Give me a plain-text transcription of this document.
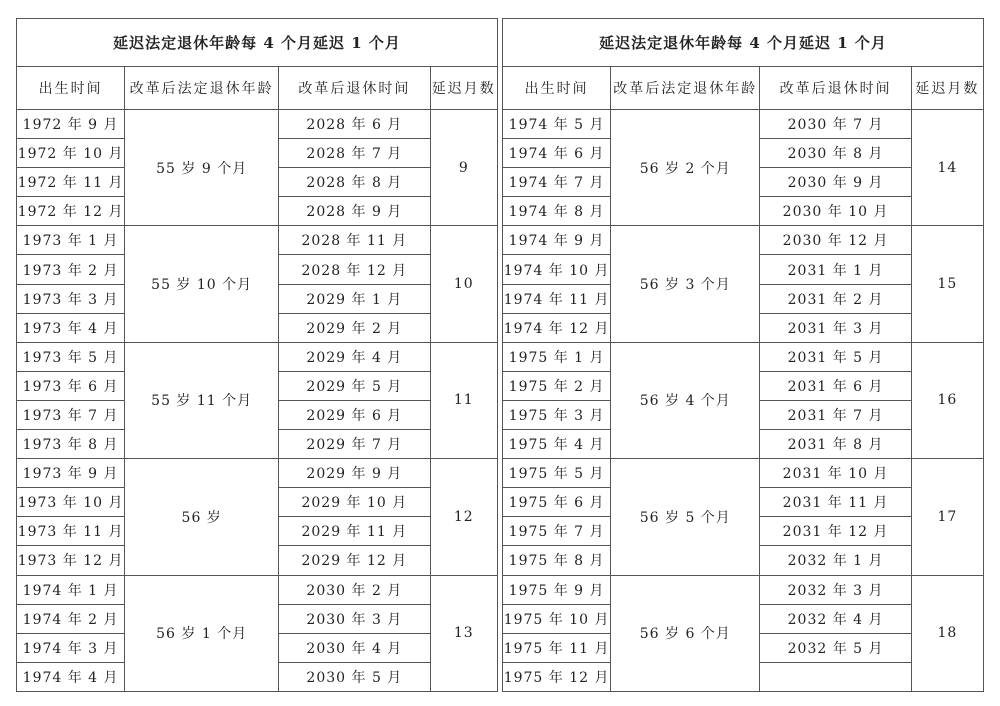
延迟法定退休年龄每 4 个月延迟 1 个月			
出生时间	改革后法定退休年龄	改革后退休时间	延迟月数
1972 年 9 月	55 岁 9 个月	2028 年 6 月	9
1972 年 10 月		2028 年 7 月	
1972 年 11 月		2028 年 8 月	
1972 年 12 月		2028 年 9 月	
1973 年 1 月	55 岁 10 个月	2028 年 11 月	10
1973 年 2 月		2028 年 12 月	
1973 年 3 月		2029 年 1 月	
1973 年 4 月		2029 年 2 月	
1973 年 5 月	55 岁 11 个月	2029 年 4 月	11
1973 年 6 月		2029 年 5 月	
1973 年 7 月		2029 年 6 月	
1973 年 8 月		2029 年 7 月	
1973 年 9 月	56 岁	2029 年 9 月	12
1973 年 10 月		2029 年 10 月	
1973 年 11 月		2029 年 11 月	
1973 年 12 月		2029 年 12 月	
1974 年 1 月	56 岁 1 个月	2030 年 2 月	13
1974 年 2 月		2030 年 3 月	
1974 年 3 月		2030 年 4 月	
1974 年 4 月		2030 年 5 月	
延迟法定退休年龄每 4 个月延迟 1 个月			
出生时间	改革后法定退休年龄	改革后退休时间	延迟月数
1974 年 5 月	56 岁 2 个月	2030 年 7 月	14
1974 年 6 月		2030 年 8 月	
1974 年 7 月		2030 年 9 月	
1974 年 8 月		2030 年 10 月	
1974 年 9 月	56 岁 3 个月	2030 年 12 月	15
1974 年 10 月		2031 年 1 月	
1974 年 11 月		2031 年 2 月	
1974 年 12 月		2031 年 3 月	
1975 年 1 月	56 岁 4 个月	2031 年 5 月	16
1975 年 2 月		2031 年 6 月	
1975 年 3 月		2031 年 7 月	
1975 年 4 月		2031 年 8 月	
1975 年 5 月	56 岁 5 个月	2031 年 10 月	17
1975 年 6 月		2031 年 11 月	
1975 年 7 月		2031 年 12 月	
1975 年 8 月		2032 年 1 月	
1975 年 9 月	56 岁 6 个月	2032 年 3 月	18
1975 年 10 月		2032 年 4 月	
1975 年 11 月		2032 年 5 月	
1975 年 12 月			
